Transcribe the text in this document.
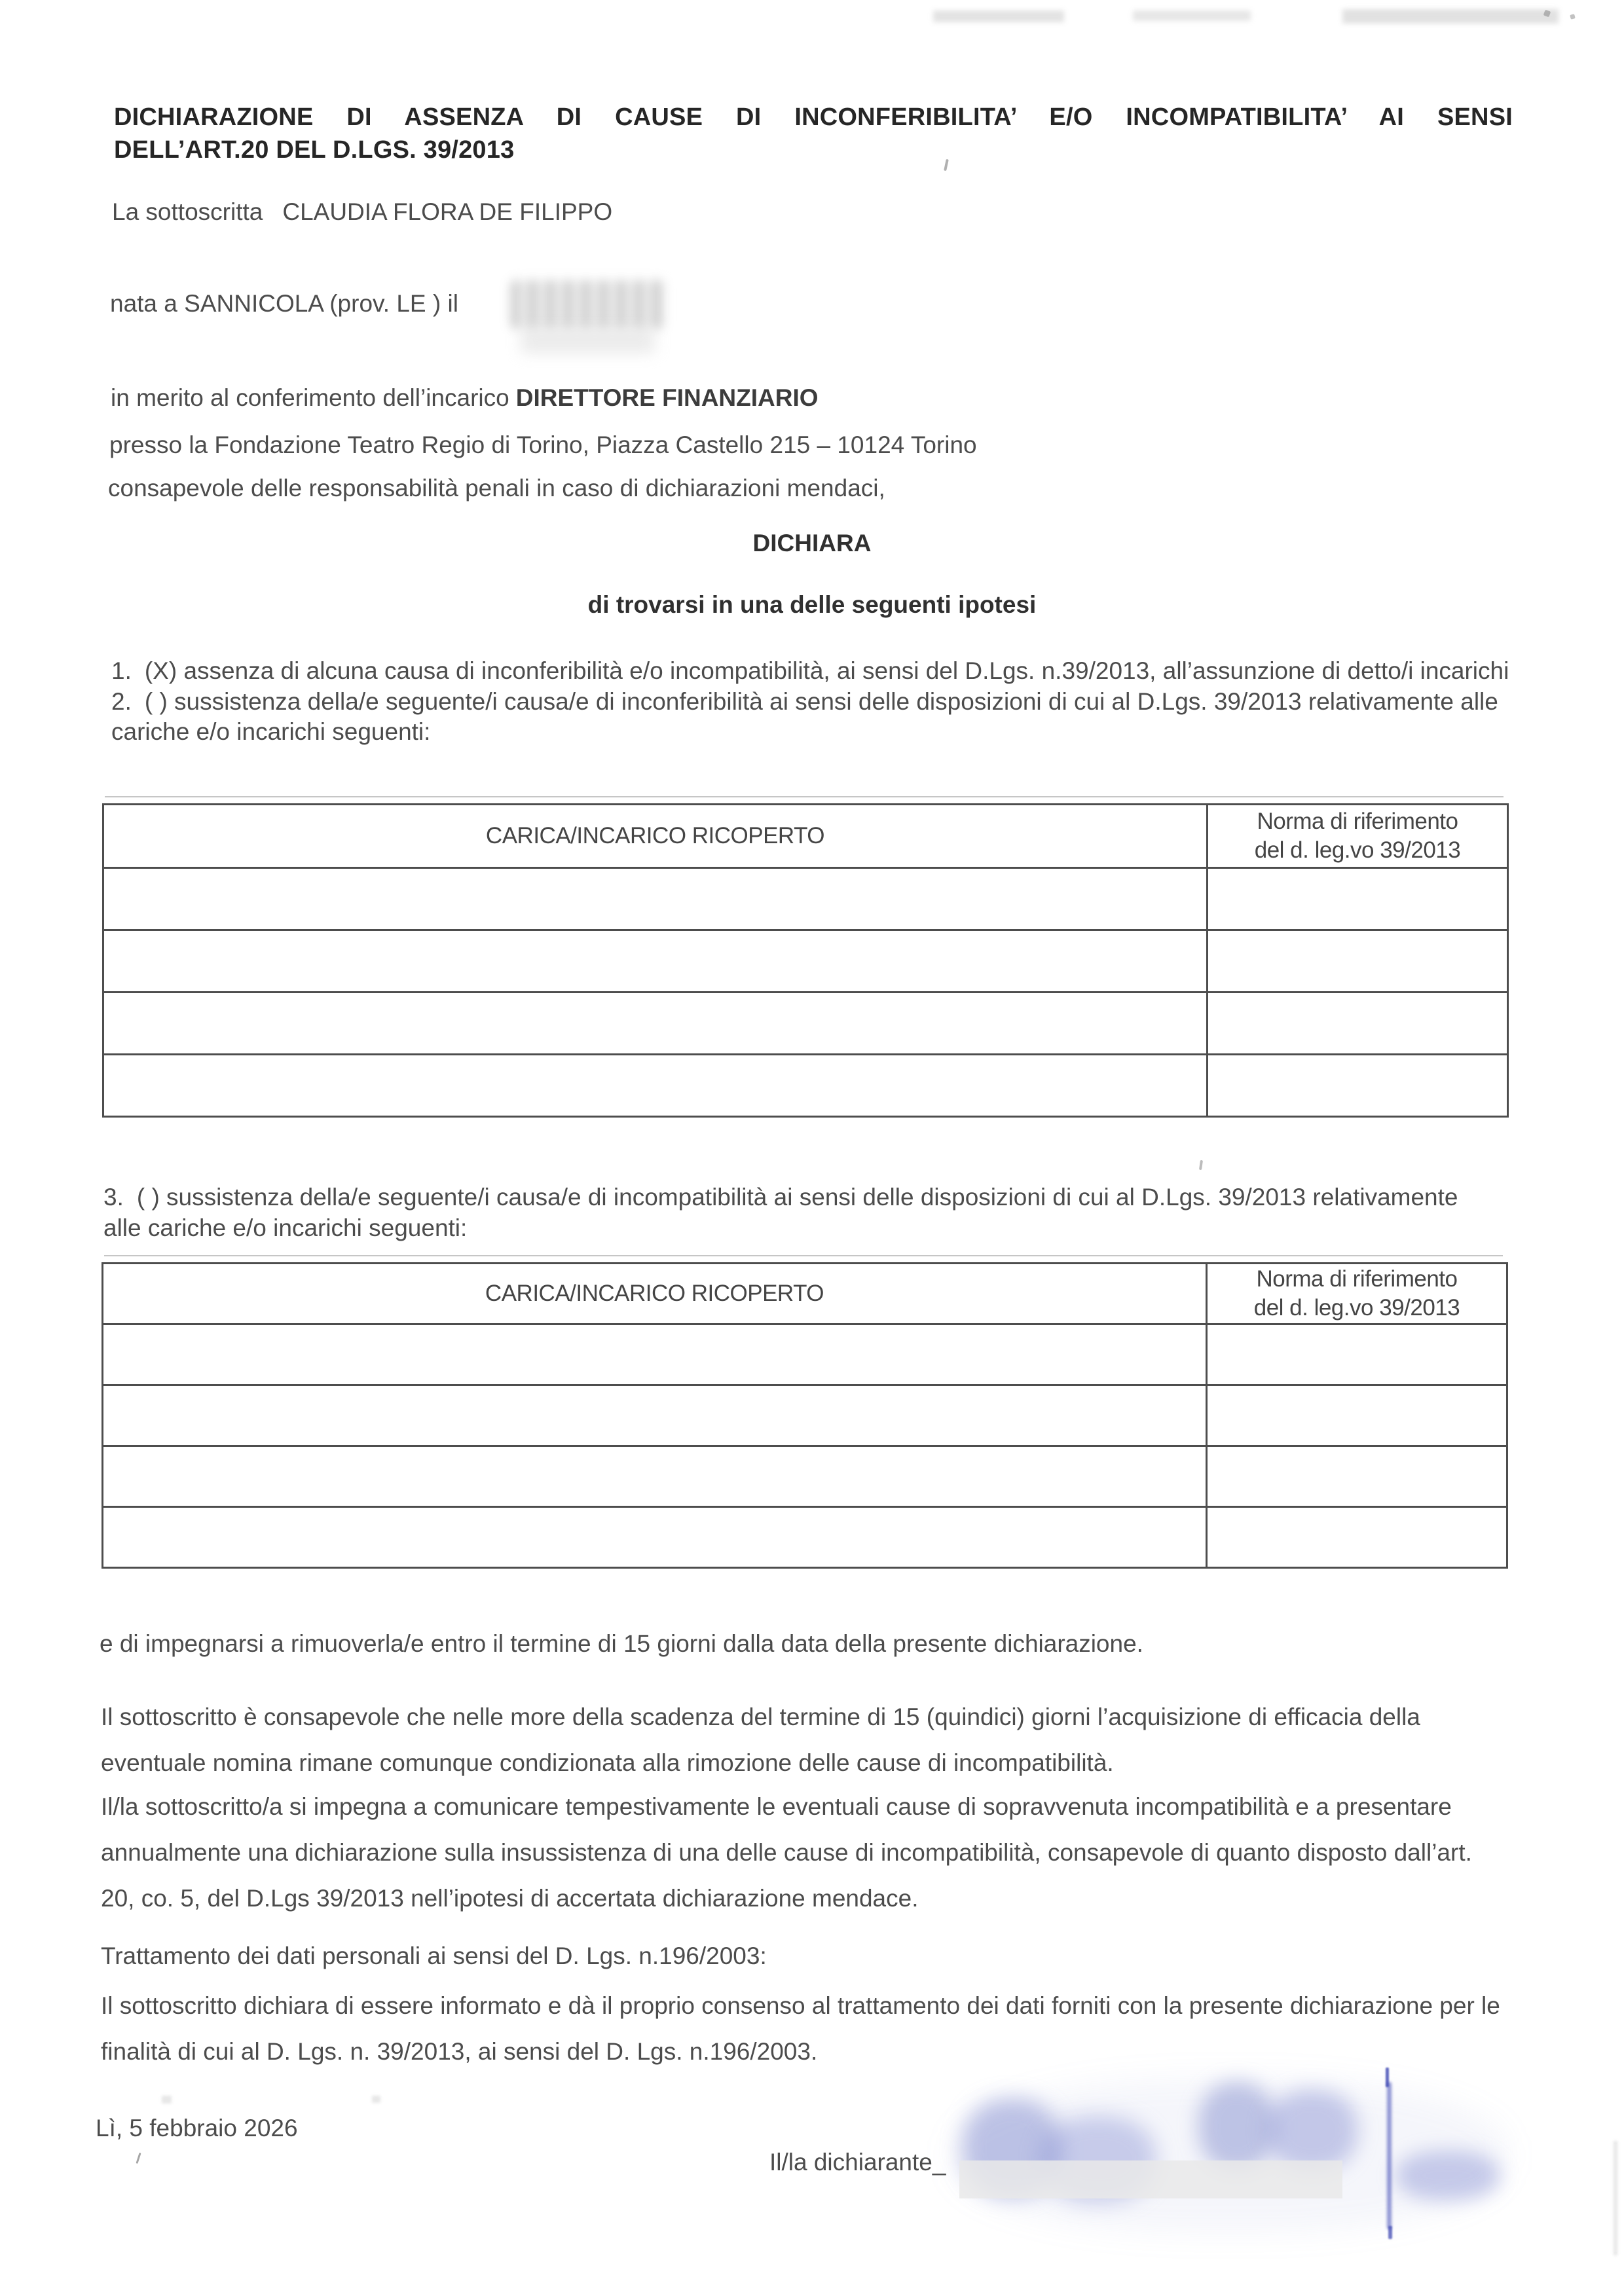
DICHIARAZIONE DI ASSENZA DI CAUSE DI INCONFERIBILITA’ E/O INCOMPATIBILITA’ AI SENSI
DELL’ART.20 DEL D.LGS. 39/2013
La sottoscritta CLAUDIA FLORA DE FILIPPO
nata a SANNICOLA (prov. LE ) il
in merito al conferimento dell’incarico DIRETTORE FINANZIARIO
presso la Fondazione Teatro Regio di Torino, Piazza Castello 215 – 10124 Torino
consapevole delle responsabilità penali in caso di dichiarazioni mendaci,
DICHIARA
di trovarsi in una delle seguenti ipotesi

1. (X) assenza di alcuna causa di inconferibilità e/o incompatibilità, ai sensi del D.Lgs. n.39/2013, all’assunzione di detto/i incarichi

2. ( ) sussistenza della/e seguente/i causa/e di inconferibilità ai sensi delle disposizioni di cui al D.Lgs. 39/2013 relativamente alle cariche e/o incarichi seguenti:

CARICA/INCARICO RICOPERTO	Norma di riferimento
del d. leg.vo 39/2013

3. ( ) sussistenza della/e seguente/i causa/e di incompatibilità ai sensi delle disposizioni di cui al D.Lgs. 39/2013 relativamente alle cariche e/o incarichi seguenti:

CARICA/INCARICO RICOPERTO	Norma di riferimento
del d. leg.vo 39/2013

e di impegnarsi a rimuoverla/e entro il termine di 15 giorni dalla data della presente dichiarazione.

Il sottoscritto è consapevole che nelle more della scadenza del termine di 15 (quindici) giorni l’acquisizione di efficacia della eventuale nomina rimane comunque condizionata alla rimozione delle cause di incompatibilità.

Il/la sottoscritto/a si impegna a comunicare tempestivamente le eventuali cause di sopravvenuta incompatibilità e a presentare annualmente una dichiarazione sulla insussistenza di una delle cause di incompatibilità, consapevole di quanto disposto dall’art. 20, co. 5, del D.Lgs 39/2013 nell’ipotesi di accertata dichiarazione mendace.

Trattamento dei dati personali ai sensi del D. Lgs. n.196/2003:

Il sottoscritto dichiara di essere informato e dà il proprio consenso al trattamento dei dati forniti con la presente dichiarazione per le finalità di cui al D. Lgs. n. 39/2013, ai sensi del D. Lgs. n.196/2003.

Lì, 5 febbraio 2026
Il/la dichiarante_
